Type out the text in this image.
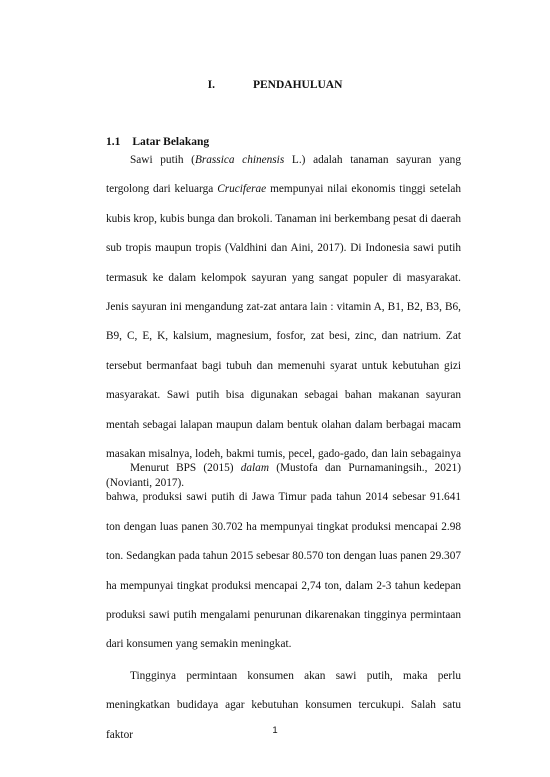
I.	PENDAHULUAN
1.1 Latar Belakang

Sawi putih (Brassica chinensis L.) adalah tanaman sayuran yang tergolong dari keluarga Cruciferae mempunyai nilai ekonomis tinggi setelah kubis krop, kubis bunga dan brokoli. Tanaman ini berkembang pesat di daerah sub tropis maupun tropis (Valdhini dan Aini, 2017). Di Indonesia sawi putih termasuk ke dalam kelompok sayuran yang sangat populer di masyarakat. Jenis sayuran ini mengandung zat-zat antara lain : vitamin A, B1, B2, B3, B6, B9, C, E, K, kalsium, magnesium, fosfor, zat besi, zinc, dan natrium. Zat tersebut bermanfaat bagi tubuh dan memenuhi syarat untuk kebutuhan gizi masyarakat. Sawi putih bisa digunakan sebagai bahan makanan sayuran mentah sebagai lalapan maupun dalam bentuk olahan dalam berbagai macam masakan misalnya, lodeh, bakmi tumis, pecel, gado-gado, dan lain sebagainya (Novianti, 2017).

Menurut BPS (2015) dalam (Mustofa dan Purnamaningsih., 2021) bahwa, produksi sawi putih di Jawa Timur pada tahun 2014 sebesar 91.641 ton dengan luas panen 30.702 ha mempunyai tingkat produksi mencapai 2.98 ton. Sedangkan pada tahun 2015 sebesar 80.570 ton dengan luas panen 29.307 ha mempunyai tingkat produksi mencapai 2,74 ton, dalam 2-3 tahun kedepan produksi sawi putih mengalami penurunan dikarenakan tingginya permintaan dari konsumen yang semakin meningkat.

Tingginya permintaan konsumen akan sawi putih, maka perlu meningkatkan budidaya agar kebutuhan konsumen tercukupi. Salah satu faktor	1
